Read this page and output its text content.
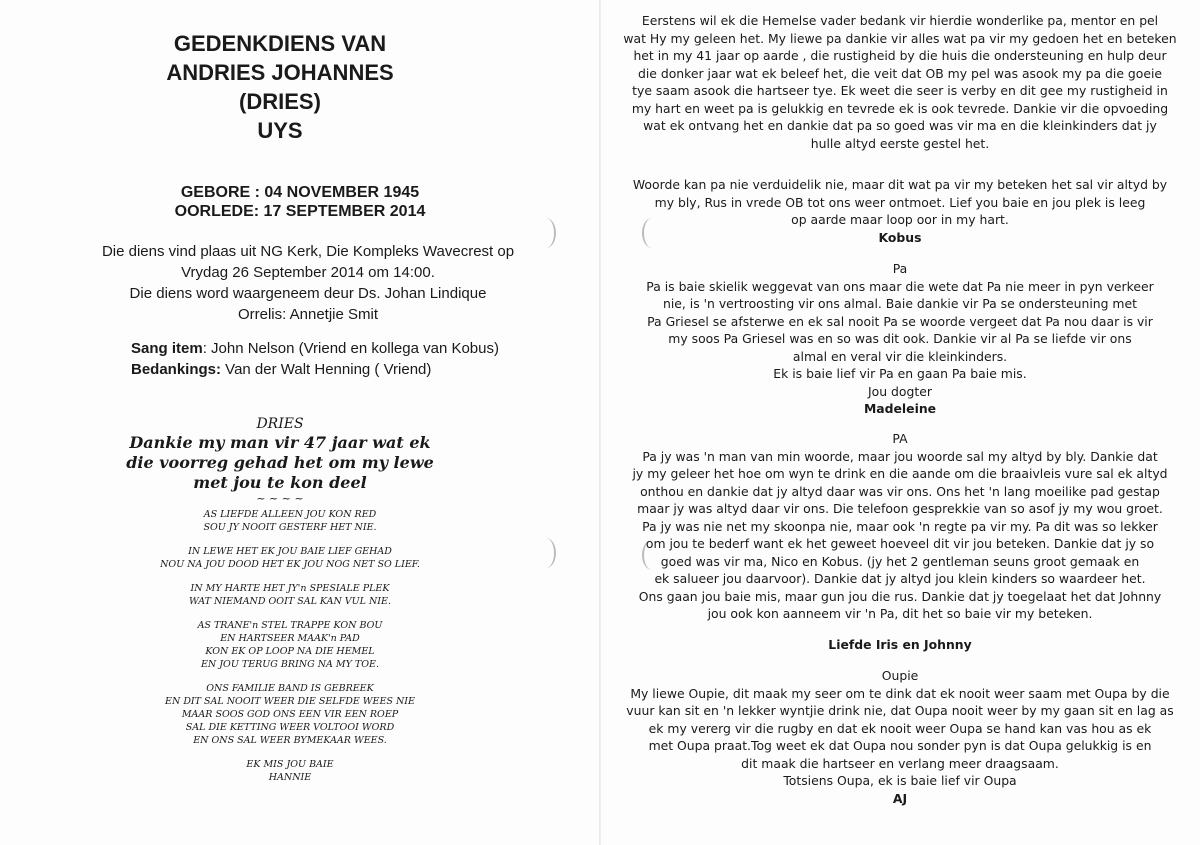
GEDENKDIENS VAN
ANDRIES JOHANNES
(DRIES)
UYS
GEBORE : 04 NOVEMBER 1945
OORLEDE: 17 SEPTEMBER 2014
Die diens vind plaas uit NG Kerk, Die Kompleks Wavecrest op
Vrydag 26 September 2014 om 14:00.
Die diens word waargeneem deur Ds. Johan Lindique
Orrelis: Annetjie Smit
Sang item: John Nelson (Vriend en kollega van Kobus)
Bedankings: Van der Walt Henning ( Vriend)
DRIES
Dankie my man vir 47 jaar wat ek
die voorreg gehad het om my lewe
met jou te kon deel
~ ~ ~ ~
AS LIEFDE ALLEEN JOU KON RED
SOU JY NOOIT GESTERF HET NIE.
IN LEWE HET EK JOU BAIE LIEF GEHAD
NOU NA JOU DOOD HET EK JOU NOG NET SO LIEF.
IN MY HARTE HET JY'n SPESIALE PLEK
WAT NIEMAND OOIT SAL KAN VUL NIE.
AS TRANE'n STEL TRAPPE KON BOU
EN HARTSEER MAAK'n PAD
KON EK OP LOOP NA DIE HEMEL
EN JOU TERUG BRING NA MY TOE.
ONS FAMILIE BAND IS GEBREEK
EN DIT SAL NOOIT WEER DIE SELFDE WEES NIE
MAAR SOOS GOD ONS EEN VIR EEN ROEP
SAL DIE KETTING WEER VOLTOOI WORD
EN ONS SAL WEER BYMEKAAR WEES.
EK MIS JOU BAIE
HANNIE
Eerstens wil ek die Hemelse vader bedank vir hierdie wonderlike pa, mentor en pel
wat Hy my geleen het. My liewe pa dankie vir alles wat pa vir my gedoen het en beteken
het in my 41 jaar op aarde , die rustigheid by die huis die ondersteuning en hulp deur
die donker jaar wat ek beleef het, die veit dat OB my pel was asook my pa die goeie
tye saam asook die hartseer tye. Ek weet die seer is verby en dit gee my rustigheid in
my hart en weet pa is gelukkig en tevrede ek is ook tevrede. Dankie vir die opvoeding
wat ek ontvang het en dankie dat pa so goed was vir ma en die kleinkinders dat jy
hulle altyd eerste gestel het.
Woorde kan pa nie verduidelik nie, maar dit wat pa vir my beteken het sal vir altyd by
my bly, Rus in vrede OB tot ons weer ontmoet. Lief you baie en jou plek is leeg
op aarde maar loop oor in my hart.
Kobus
Pa
Pa is baie skielik weggevat van ons maar die wete dat Pa nie meer in pyn verkeer
nie, is 'n vertroosting vir ons almal. Baie dankie vir Pa se ondersteuning met
Pa Griesel se afsterwe en ek sal nooit Pa se woorde vergeet dat Pa nou daar is vir
my soos Pa Griesel was en so was dit ook. Dankie vir al Pa se liefde vir ons
almal en veral vir die kleinkinders.
Ek is baie lief vir Pa en gaan Pa baie mis.
Jou dogter
Madeleine
PA
Pa jy was 'n man van min woorde, maar jou woorde sal my altyd by bly. Dankie dat
jy my geleer het hoe om wyn te drink en die aande om die braaivleis vure sal ek altyd
onthou en dankie dat jy altyd daar was vir ons. Ons het 'n lang moeilike pad gestap
maar jy was altyd daar vir ons. Die telefoon gesprekkie van so asof jy my wou groet.
Pa jy was nie net my skoonpa nie, maar ook 'n regte pa vir my. Pa dit was so lekker
om jou te bederf want ek het geweet hoeveel dit vir jou beteken. Dankie dat jy so
goed was vir ma, Nico en Kobus. (jy het 2 gentleman seuns groot gemaak en
ek salueer jou daarvoor). Dankie dat jy altyd jou klein kinders so waardeer het.
Ons gaan jou baie mis, maar gun jou die rus. Dankie dat jy toegelaat het dat Johnny
jou ook kon aanneem vir 'n Pa, dit het so baie vir my beteken.
Liefde Iris en Johnny
Oupie
My liewe Oupie, dit maak my seer om te dink dat ek nooit weer saam met Oupa by die
vuur kan sit en 'n lekker wyntjie drink nie, dat Oupa nooit weer by my gaan sit en lag as
ek my vererg vir die rugby en dat ek nooit weer Oupa se hand kan vas hou as ek
met Oupa praat.Tog weet ek dat Oupa nou sonder pyn is dat Oupa gelukkig is en
dit maak die hartseer en verlang meer draagsaam.
Totsiens Oupa, ek is baie lief vir Oupa
AJ
